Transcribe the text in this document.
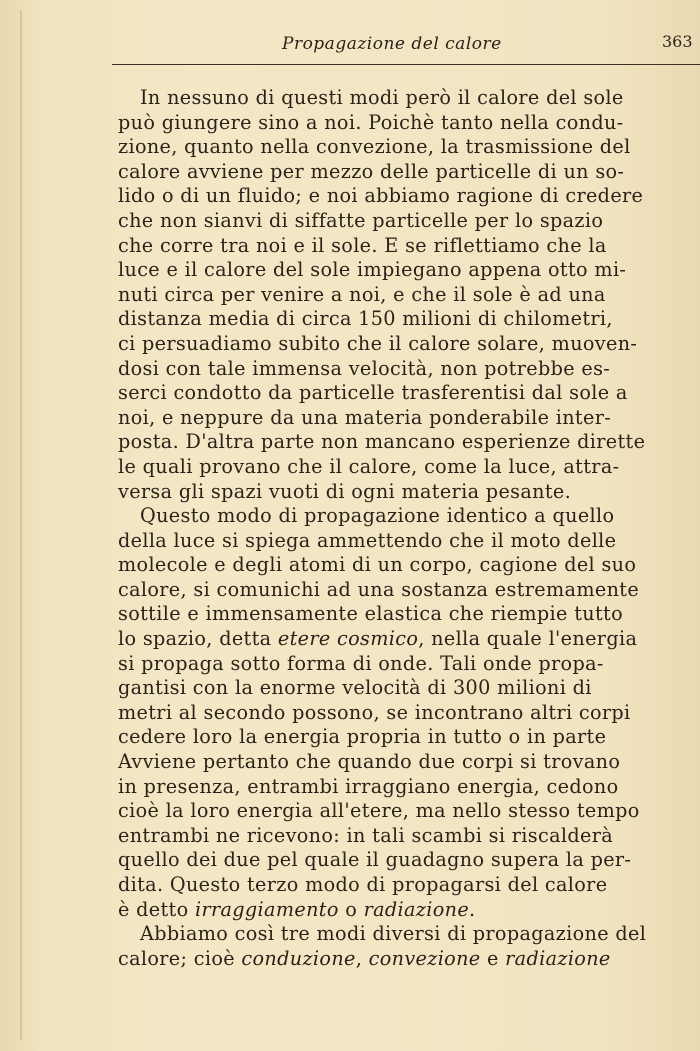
Propagazione del calore	363
In nessuno di questi modi però il calore del sole
può giungere sino a noi. Poichè tanto nella condu-
zione, quanto nella convezione, la trasmissione del
calore avviene per mezzo delle particelle di un so-
lido o di un fluido; e noi abbiamo ragione di credere
che non sianvi di siffatte particelle per lo spazio
che corre tra noi e il sole. E se riflettiamo che la
luce e il calore del sole impiegano appena otto mi-
nuti circa per venire a noi, e che il sole è ad una
distanza media di circa 150 milioni di chilometri,
ci persuadiamo subito che il calore solare, muoven-
dosi con tale immensa velocità, non potrebbe es-
serci condotto da particelle trasferentisi dal sole a
noi, e neppure da una materia ponderabile inter-
posta. D'altra parte non mancano esperienze dirette
le quali provano che il calore, come la luce, attra-
versa gli spazi vuoti di ogni materia pesante.
Questo modo di propagazione identico a quello
della luce si spiega ammettendo che il moto delle
molecole e degli atomi di un corpo, cagione del suo
calore, si comunichi ad una sostanza estremamente
sottile e immensamente elastica che riempie tutto
lo spazio, detta etere cosmico, nella quale l'energia
si propaga sotto forma di onde. Tali onde propa-
gantisi con la enorme velocità di 300 milioni di
metri al secondo possono, se incontrano altri corpi
cedere loro la energia propria in tutto o in parte
Avviene pertanto che quando due corpi si trovano
in presenza, entrambi irraggiano energia, cedono
cioè la loro energia all'etere, ma nello stesso tempo
entrambi ne ricevono: in tali scambi si riscalderà
quello dei due pel quale il guadagno supera la per-
dita. Questo terzo modo di propagarsi del calore
è detto irraggiamento o radiazione.
Abbiamo così tre modi diversi di propagazione del
calore; cioè conduzione, convezione e radiazione
